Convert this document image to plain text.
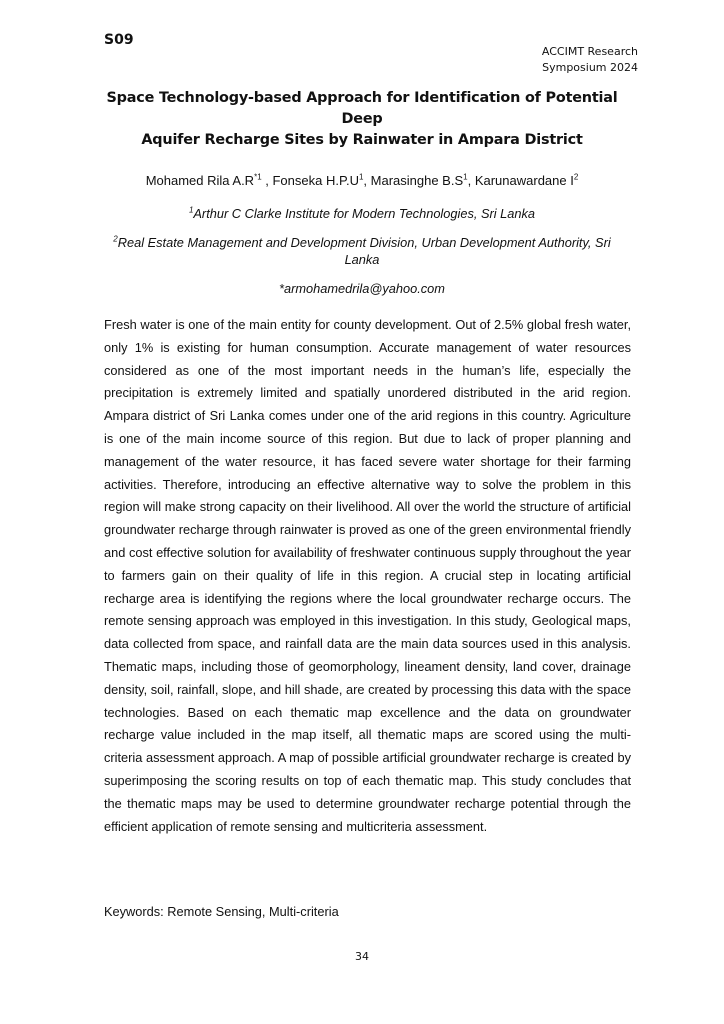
S09
ACCIMT Research
Symposium 2024
Space Technology-based Approach for Identification of Potential Deep
Aquifer Recharge Sites by Rainwater in Ampara District
Mohamed Rila $A.R^{*1}$ , Fonseka $H.P.U^1$, Marasinghe $B.S^1$, Karunawardane $I^2$
$^1$Arthur C Clarke Institute for Modern Technologies, Sri Lanka
$^2$Real Estate Management and Development Division, Urban Development Authority, Sri Lanka
*armohamedrila@yahoo.com

Fresh water is one of the main entity for county development. Out of 2.5% global fresh water, only 1% is existing for human consumption. Accurate management of water resources considered as one of the most important needs in the human’s life, especially the precipitation is extremely limited and spatially unordered distributed in the arid region. Ampara district of Sri Lanka comes under one of the arid regions in this country. Agriculture is one of the main income source of this region. But due to lack of proper planning and management of the water resource, it has faced severe water shortage for their farming activities. Therefore, introducing an effective alternative way to solve the problem in this region will make strong capacity on their livelihood. All over the world the structure of artificial groundwater recharge through rainwater is proved as one of the green environmental friendly and cost effective solution for availability of freshwater continuous supply throughout the year to farmers gain on their quality of life in this region. A crucial step in locating artificial recharge area is identifying the regions where the local groundwater recharge occurs. The remote sensing approach was employed in this investigation. In this study, Geological maps, data collected from space, and rainfall data are the main data sources used in this analysis. Thematic maps, including those of geomorphology, lineament density, land cover, drainage density, soil, rainfall, slope, and hill shade, are created by processing this data with the space technologies. Based on each thematic map excellence and the data on groundwater recharge value included in the map itself, all thematic maps are scored using the multi-criteria assessment approach. A map of possible artificial groundwater recharge is created by superimposing the scoring results on top of each thematic map. This study concludes that the thematic maps may be used to determine groundwater recharge potential through the efficient application of remote sensing and multicriteria assessment.

Keywords: Remote Sensing, Multi-criteria
34
